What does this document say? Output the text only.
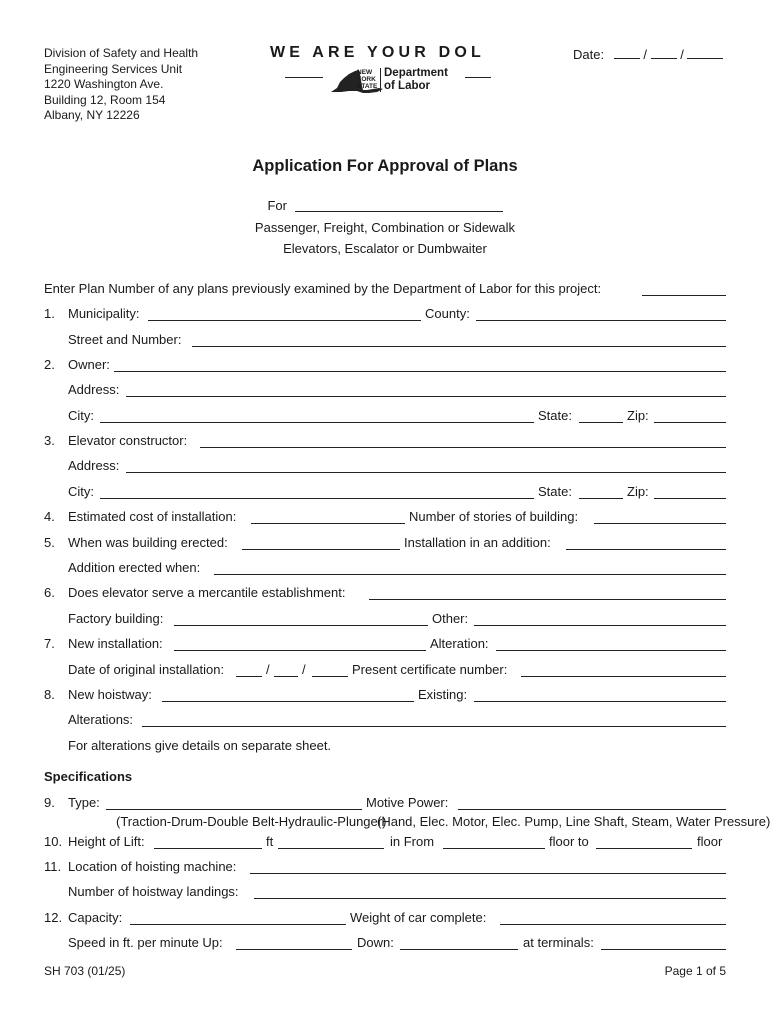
Division of Safety and Health
Engineering Services Unit
1220 Washington Ave.
Building 12, Room 154
Albany, NY 12226
WE ARE YOUR DOL
NEW YORK STATE
Department
of Labor
Date:	/  /
Application For Approval of Plans
For
Passenger, Freight, Combination or Sidewalk
Elevators, Escalator or Dumbwaiter
Enter Plan Number of any plans previously examined by the Department of Labor for this project:
1. Municipality:	County:
Street and Number:
2. Owner:
Address:
City:	State:	Zip:
3. Elevator constructor:
Address:
City:	State:	Zip:
4. Estimated cost of installation:	Number of stories of building:
5. When was building erected:	Installation in an addition:
Addition erected when:
6. Does elevator serve a mercantile establishment:
Factory building:	Other:
7. New installation:	Alteration:
Date of original installation:	/ /	Present certificate number:
8. New hoistway:	Existing:
Alterations:
For alterations give details on separate sheet.
Specifications
9. Type:	Motive Power:
(Traction-Drum-Double Belt-Hydraulic-Plunger)
(Hand, Elec. Motor, Elec. Pump, Line Shaft, Steam, Water Pressure)
10. Height of Lift:	ft	in From	floor to	floor
11. Location of hoisting machine:
Number of hoistway landings:
12. Capacity:	Weight of car complete:
Speed in ft. per minute Up:	Down:	at terminals:
SH 703 (01/25)	Page 1 of 5
